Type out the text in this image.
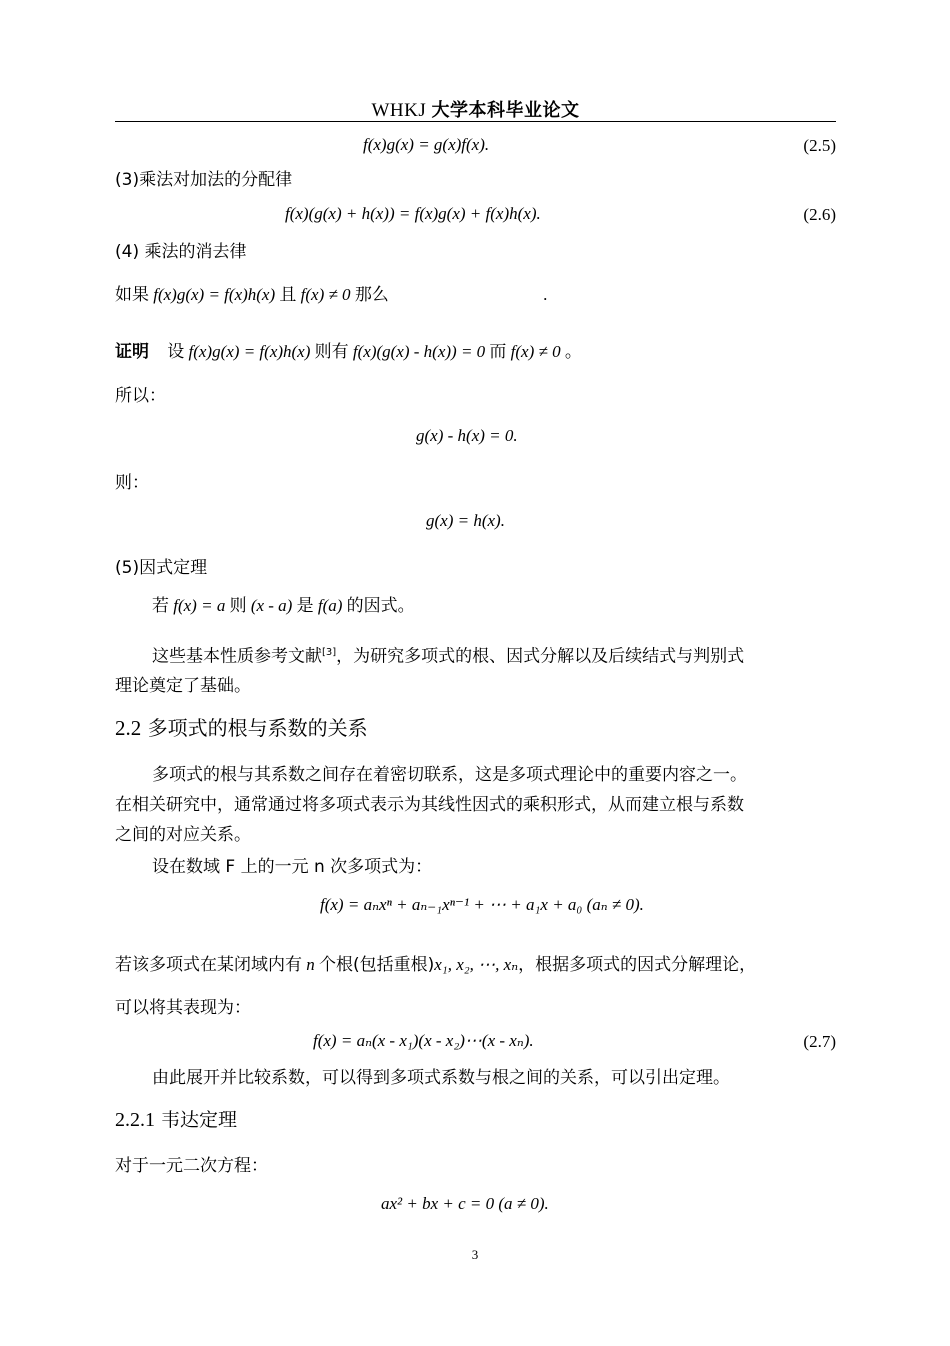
WHKJ 大学本科毕业论文
f(x)g(x) = g(x)f(x).	(2.5)
(3)乘法对加法的分配律
f(x)(g(x) + h(x)) = f(x)g(x) + f(x)h(x).	(2.6)
(4) 乘法的消去律
如果 f(x)g(x) = f(x)h(x) 且 f(x) ≠ 0 那么	.
证明 设 f(x)g(x) = f(x)h(x) 则有 f(x)(g(x) - h(x)) = 0 而 f(x) ≠ 0 。
所以：
g(x) - h(x) = 0.
则：
g(x) = h(x).
(5)因式定理
若 f(x) = a 则 (x - a) 是 f(a) 的因式。
这些基本性质参考文献[3]，为研究多项式的根、因式分解以及后续结式与判别式
理论奠定了基础。
2.2 多项式的根与系数的关系
多项式的根与其系数之间存在着密切联系，这是多项式理论中的重要内容之一。
在相关研究中，通常通过将多项式表示为其线性因式的乘积形式，从而建立根与系数
之间的对应关系。
设在数域 F 上的一元 n 次多项式为：
f(x) = aₙxⁿ + aₙ₋₁xⁿ⁻¹ + ⋯ + a₁x + a₀ (aₙ ≠ 0).
若该多项式在某闭域内有 n 个根(包括重根)x₁, x₂, ⋯, xₙ，根据多项式的因式分解理论，
可以将其表现为：
f(x) = aₙ(x - x₁)(x - x₂)⋯(x - xₙ).	(2.7)
由此展开并比较系数，可以得到多项式系数与根之间的关系，可以引出定理。
2.2.1 韦达定理
对于一元二次方程：
ax² + bx + c = 0 (a ≠ 0).
3
